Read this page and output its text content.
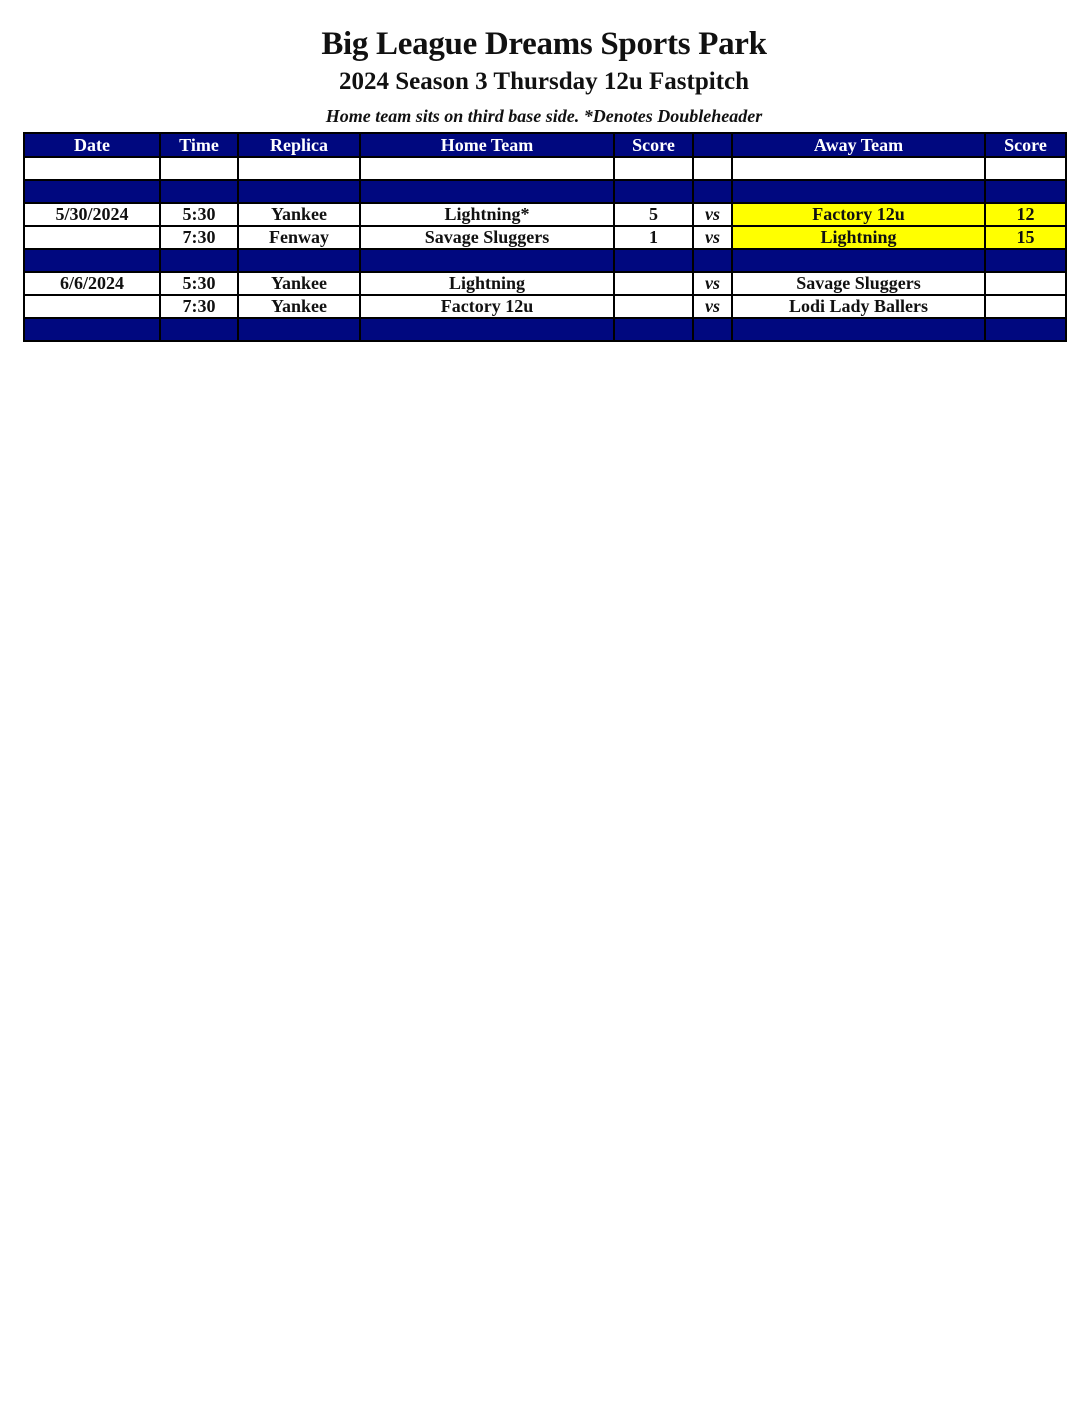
Big League Dreams Sports Park
2024 Season 3 Thursday 12u Fastpitch
Home team sits on third base side. *Denotes Doubleheader
Date	Time	Replica	Home Team	Score		Away Team	Score

5/30/2024	5:30	Yankee	Lightning*	5	vs	Factory 12u	12
	7:30	Fenway	Savage Sluggers	1	vs	Lightning	15

6/6/2024	5:30	Yankee	Lightning		vs	Savage Sluggers	
	7:30	Yankee	Factory 12u		vs	Lodi Lady Ballers	
